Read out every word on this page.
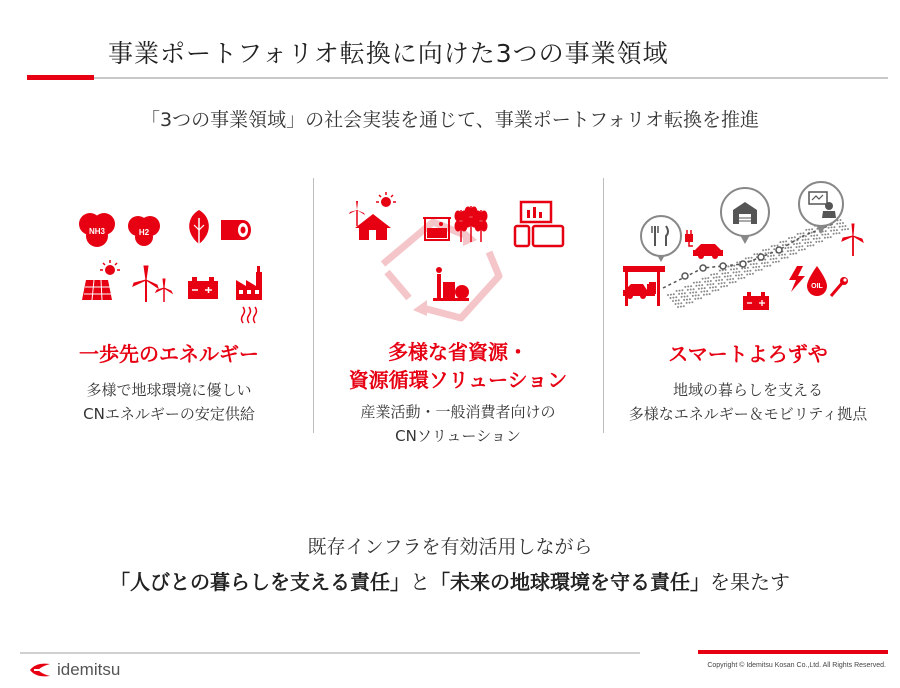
事業ポートフォリオ転換に向けた3つの事業領域
「3つの事業領域」の社会実装を通じて、事業ポートフォリオ転換を推進
NH3	H2
一歩先のエネルギー
多様で地球環境に優しい
CNエネルギーの安定供給
多様な省資源・
資源循環ソリューション
産業活動・一般消費者向けの
CNソリューション
OIL
スマートよろずや
地域の暮らしを支える
多様なエネルギー＆モビリティ拠点
既存インフラを有効活用しながら
「人びとの暮らしを支える責任」と「未来の地球環境を守る責任」を果たす
idemitsu	Copyright © Idemitsu Kosan Co.,Ltd. All Rights Reserved.
